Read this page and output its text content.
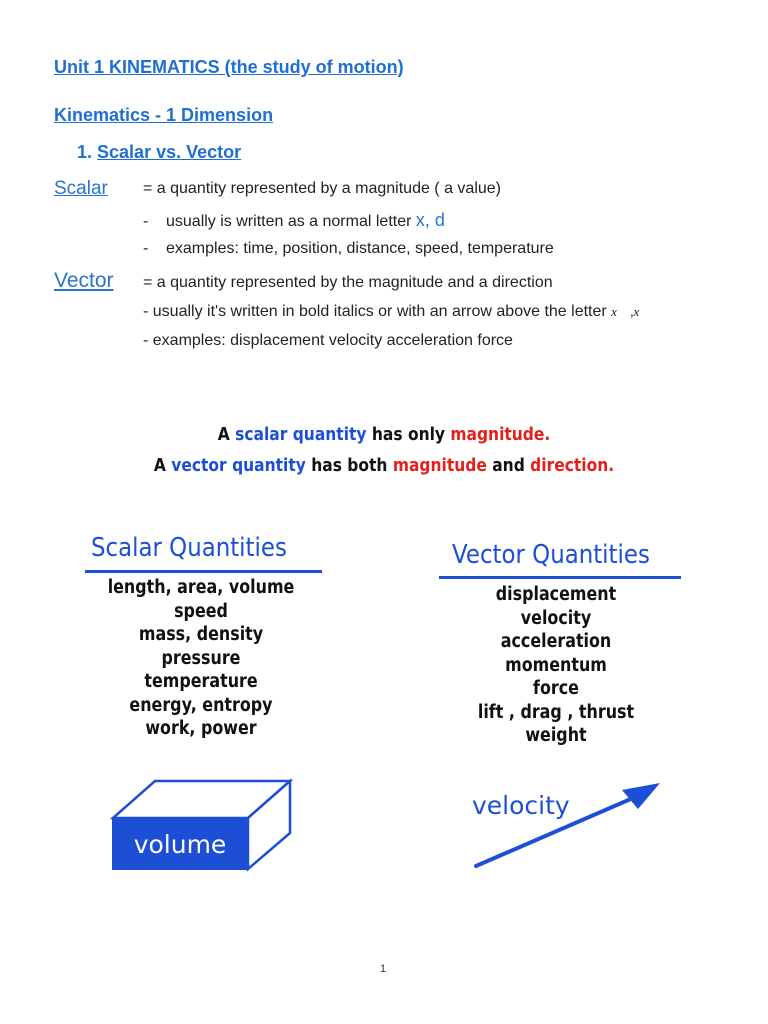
Unit 1 KINEMATICS (the study of motion)
Kinematics - 1 Dimension
1. Scalar vs. Vector
Scalar = a quantity represented by a magnitude ( a value)
- usually is written as a normal letter x, d
- examples: time, position, distance, speed, temperature
Vector = a quantity represented by the magnitude and a direction
- usually it's written in bold italics or with an arrow above the letter x⃗ ,x
- examples: displacement velocity acceleration force
A scalar quantity has only magnitude.
A vector quantity has both magnitude and direction.
Scalar Quantities
length, area, volume
speed
mass, density
pressure
temperature
energy, entropy
work, power
Vector Quantities
displacement
velocity
acceleration
momentum
force
lift , drag , thrust
weight
volume
velocity
1
